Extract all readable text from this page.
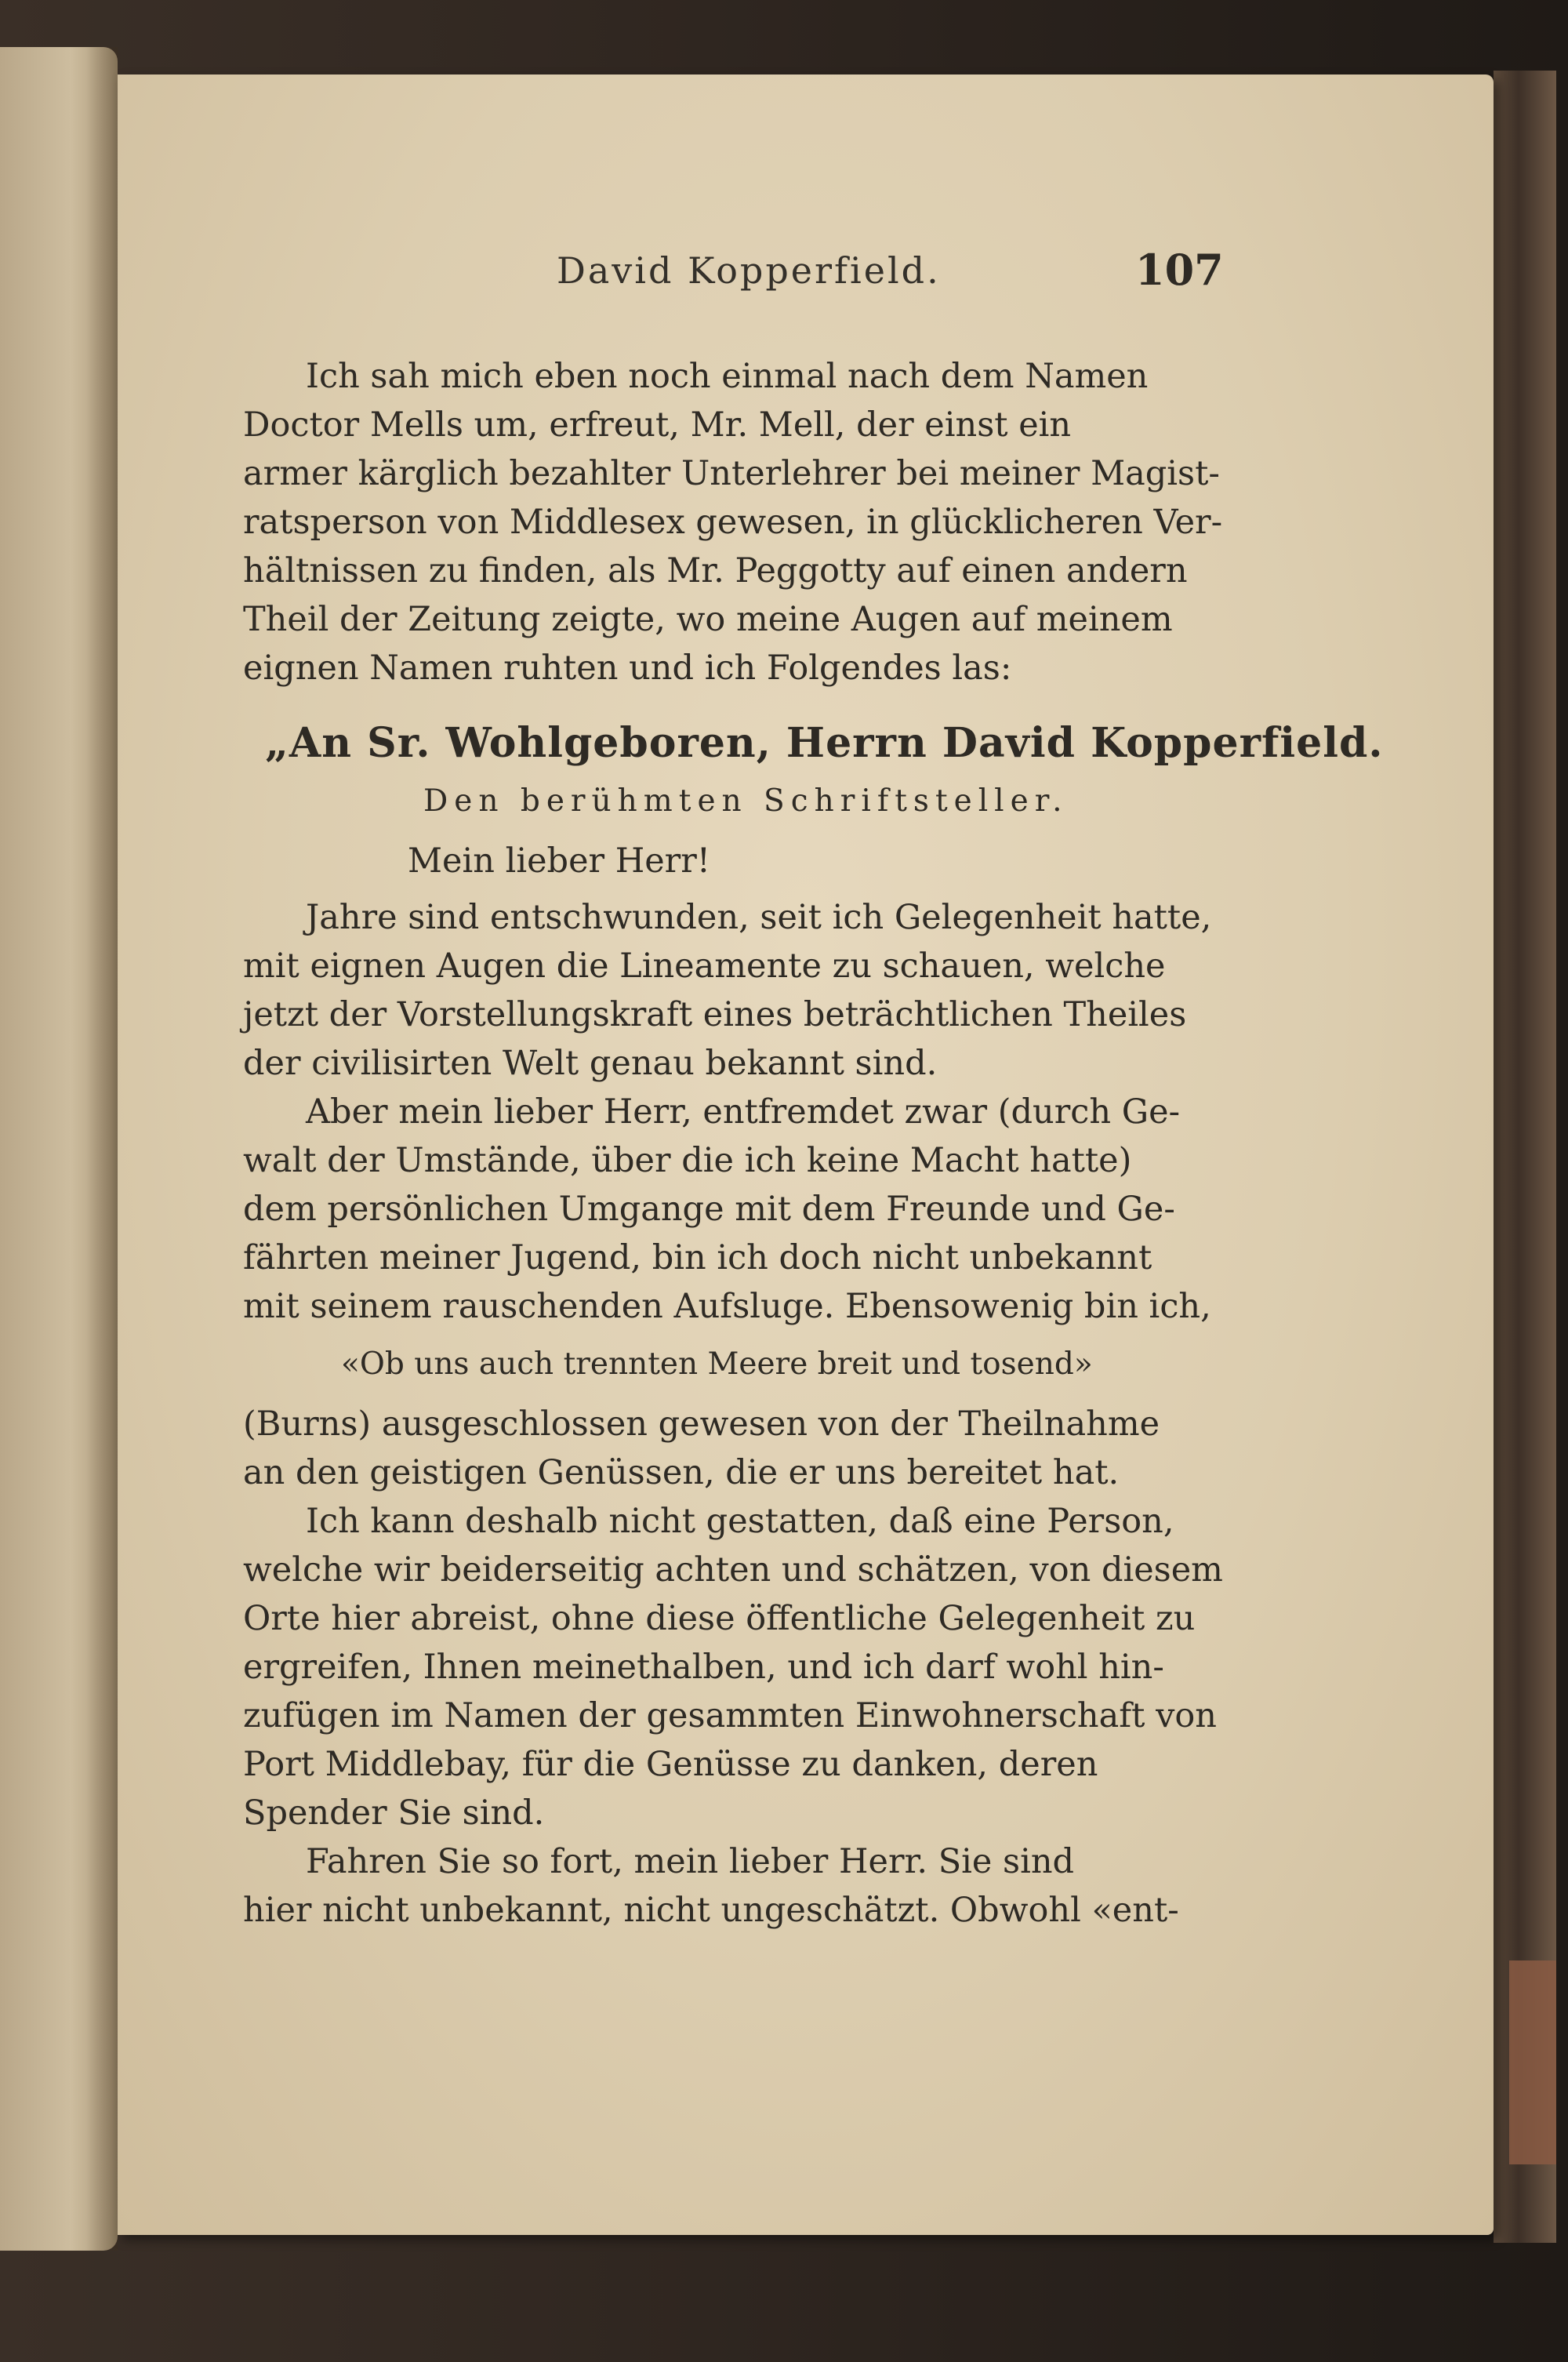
David Kopperfield.	107
Ich sah mich eben noch einmal nach dem Namen
Doctor Mells um, erfreut, Mr. Mell, der einst ein
armer kärglich bezahlter Unterlehrer bei meiner Magist-
ratsperson von Middlesex gewesen, in glücklicheren Ver-
hältnissen zu finden, als Mr. Peggotty auf einen andern
Theil der Zeitung zeigte, wo meine Augen auf meinem
eignen Namen ruhten und ich Folgendes las:
„An Sr. Wohlgeboren, Herrn David Kopperfield.
Den berühmten Schriftsteller.
Mein lieber Herr!
Jahre sind entschwunden, seit ich Gelegenheit hatte,
mit eignen Augen die Lineamente zu schauen, welche
jetzt der Vorstellungskraft eines beträchtlichen Theiles
der civilisirten Welt genau bekannt sind.
Aber mein lieber Herr, entfremdet zwar (durch Ge-
walt der Umstände, über die ich keine Macht hatte)
dem persönlichen Umgange mit dem Freunde und Ge-
fährten meiner Jugend, bin ich doch nicht unbekannt
mit seinem rauschenden Aufsluge. Ebensowenig bin ich,
«Ob uns auch trennten Meere breit und tosend»
(Burns) ausgeschlossen gewesen von der Theilnahme
an den geistigen Genüssen, die er uns bereitet hat.
Ich kann deshalb nicht gestatten, daß eine Person,
welche wir beiderseitig achten und schätzen, von diesem
Orte hier abreist, ohne diese öffentliche Gelegenheit zu
ergreifen, Ihnen meinethalben, und ich darf wohl hin-
zufügen im Namen der gesammten Einwohnerschaft von
Port Middlebay, für die Genüsse zu danken, deren
Spender Sie sind.
Fahren Sie so fort, mein lieber Herr. Sie sind
hier nicht unbekannt, nicht ungeschätzt. Obwohl «ent-
